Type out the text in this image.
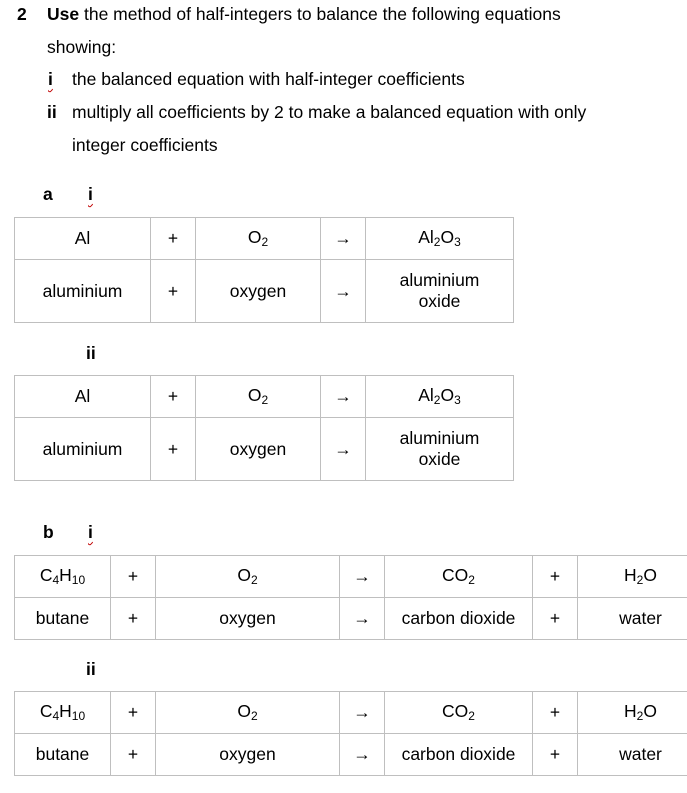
2 Use the method of half-integers to balance the following equations
showing:
i the balanced equation with half-integer coefficients
ii multiply all coefficients by 2 to make a balanced equation with only
integer coefficients
a i
Al	+	O2	→	Al2O3
aluminium	+	oxygen	→	aluminium
oxide
ii
Al	+	O2	→	Al2O3
aluminium	+	oxygen	→	aluminium
oxide
b i
C4H10	+	O2	→	CO2	+	H2O
butane	+	oxygen	→	carbon dioxide	+	water
ii
C4H10	+	O2	→	CO2	+	H2O
butane	+	oxygen	→	carbon dioxide	+	water
